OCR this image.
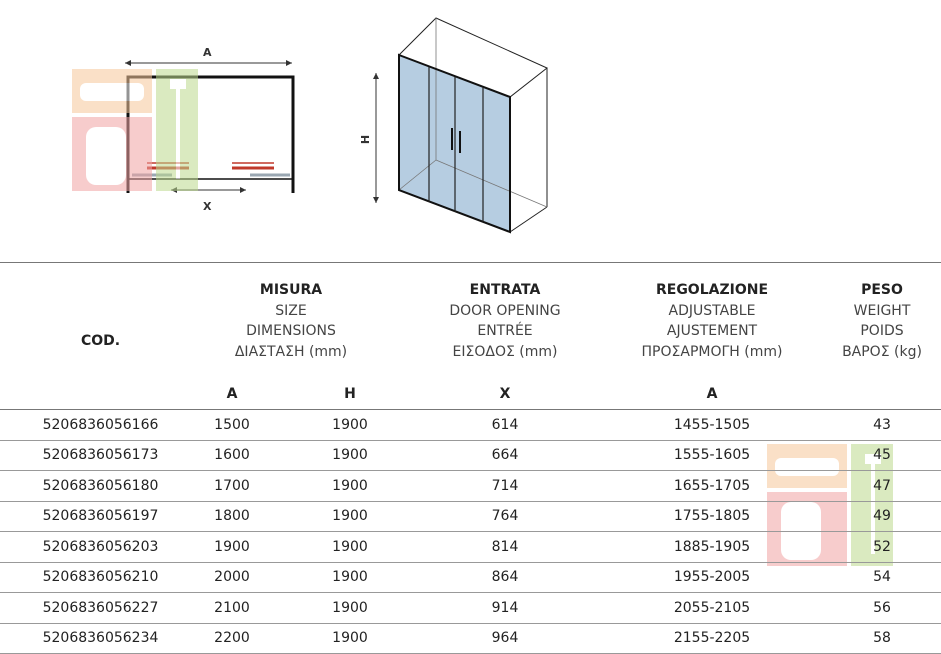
A
X
H
COD.	MISURA
SIZE
DIMENSIONS
ΔΙΑΣΤΑΣΗ (mm)		ENTRATA
DOOR OPENING
ENTRÉE
ΕΙΣΟΔΟΣ (mm)	REGOLAZIONE
ADJUSTABLE
AJUSTEMENT
ΠΡΟΣΑΡΜΟΓΗ (mm)	PESO
WEIGHT
POIDS
ΒΑΡΟΣ (kg)

	A	H	X	A	
5206836056166	1500	1900	614	1455-1505	43
5206836056173	1600	1900	664	1555-1605	45
5206836056180	1700	1900	714	1655-1705	47
5206836056197	1800	1900	764	1755-1805	49
5206836056203	1900	1900	814	1885-1905	52
5206836056210	2000	1900	864	1955-2005	54
5206836056227	2100	1900	914	2055-2105	56
5206836056234	2200	1900	964	2155-2205	58
